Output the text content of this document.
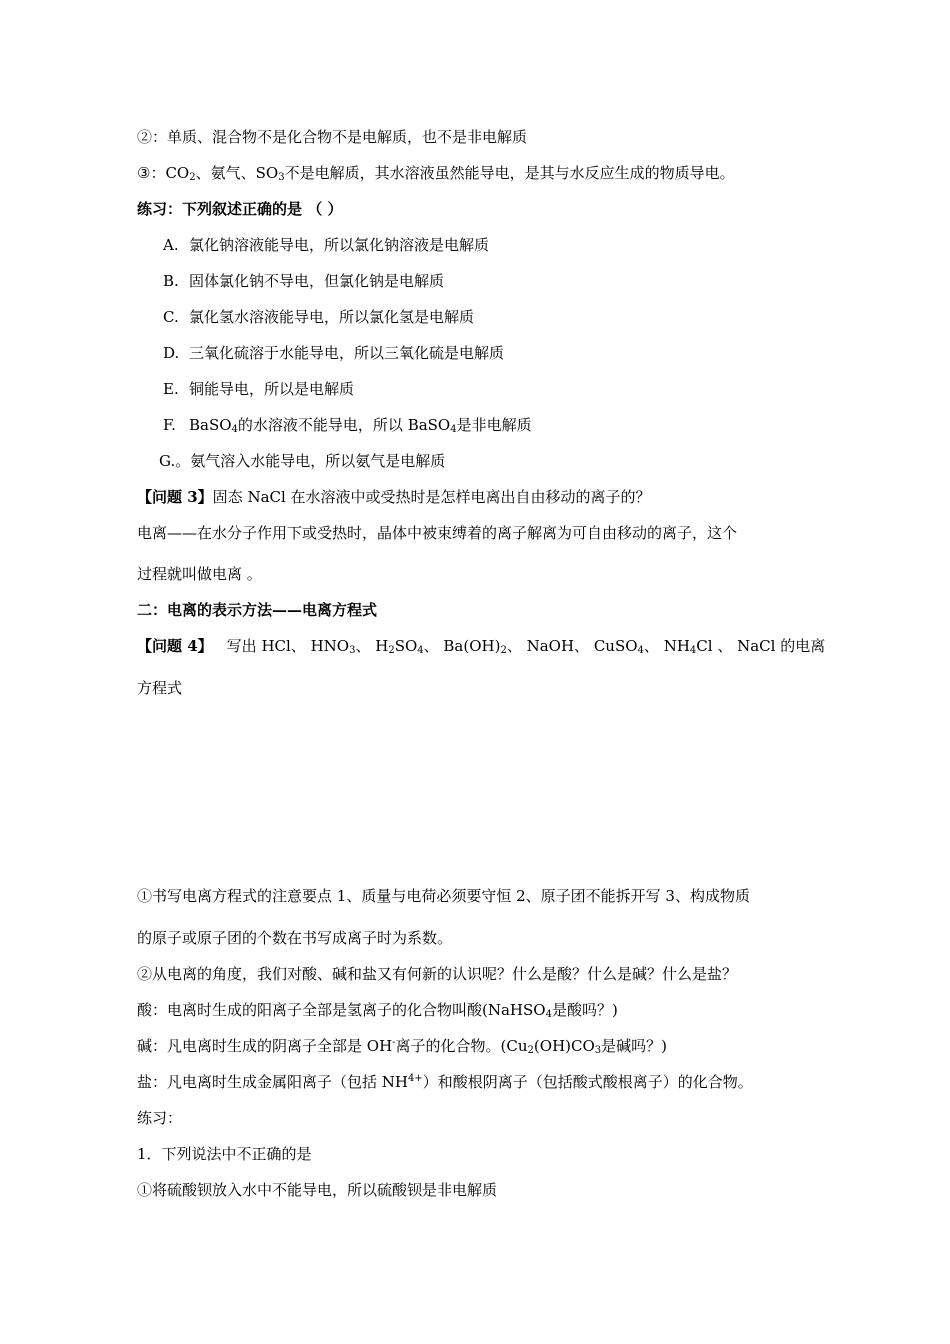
②：单质、混合物不是化合物不是电解质，也不是非电解质
③：$CO_2$、氨气、$SO_3$不是电解质，其水溶液虽然能导电，是其与水反应生成的物质导电。
练习：下列叙述正确的是 （ ）
A. 氯化钠溶液能导电，所以氯化钠溶液是电解质
B. 固体氯化钠不导电，但氯化钠是电解质
C. 氯化氢水溶液能导电，所以氯化氢是电解质
D. 三氧化硫溶于水能导电，所以三氧化硫是电解质
E. 铜能导电，所以是电解质
F. BaSO$_4$的水溶液不能导电，所以 BaSO$_4$是非电解质
G.。氨气溶入水能导电，所以氨气是电解质
【问题 3】固态 NaCl 在水溶液中或受热时是怎样电离出自由移动的离子的？
电离——在水分子作用下或受热时，晶体中被束缚着的离子解离为可自由移动的离子，这个
过程就叫做电离 。
二：电离的表示方法——电离方程式
【问题 4】 写出 HCl、 $HNO_3$、 $H_2SO_4$、 $Ba(OH)_2$、 NaOH、 CuSO$_4$、 $NH_4Cl$ 、 NaCl 的电离
方程式
①书写电离方程式的注意要点 1、质量与电荷必须要守恒 2、原子团不能拆开写 3、构成物质
的原子或原子团的个数在书写成离子时为系数。
②从电离的角度，我们对酸、碱和盐又有何新的认识呢？什么是酸？什么是碱？什么是盐？
酸：电离时生成的阳离子全部是氢离子的化合物叫酸(NaHSO$_4$是酸吗？)
碱：凡电离时生成的阴离子全部是 OH-离子的化合物。($Cu_2(OH)CO_3$是碱吗？)
盐：凡电离时生成金属阳离子（包括 $NH^{4+}$）和酸根阴离子（包括酸式酸根离子）的化合物。
练习：
1．下列说法中不正确的是
①将硫酸钡放入水中不能导电，所以硫酸钡是非电解质
